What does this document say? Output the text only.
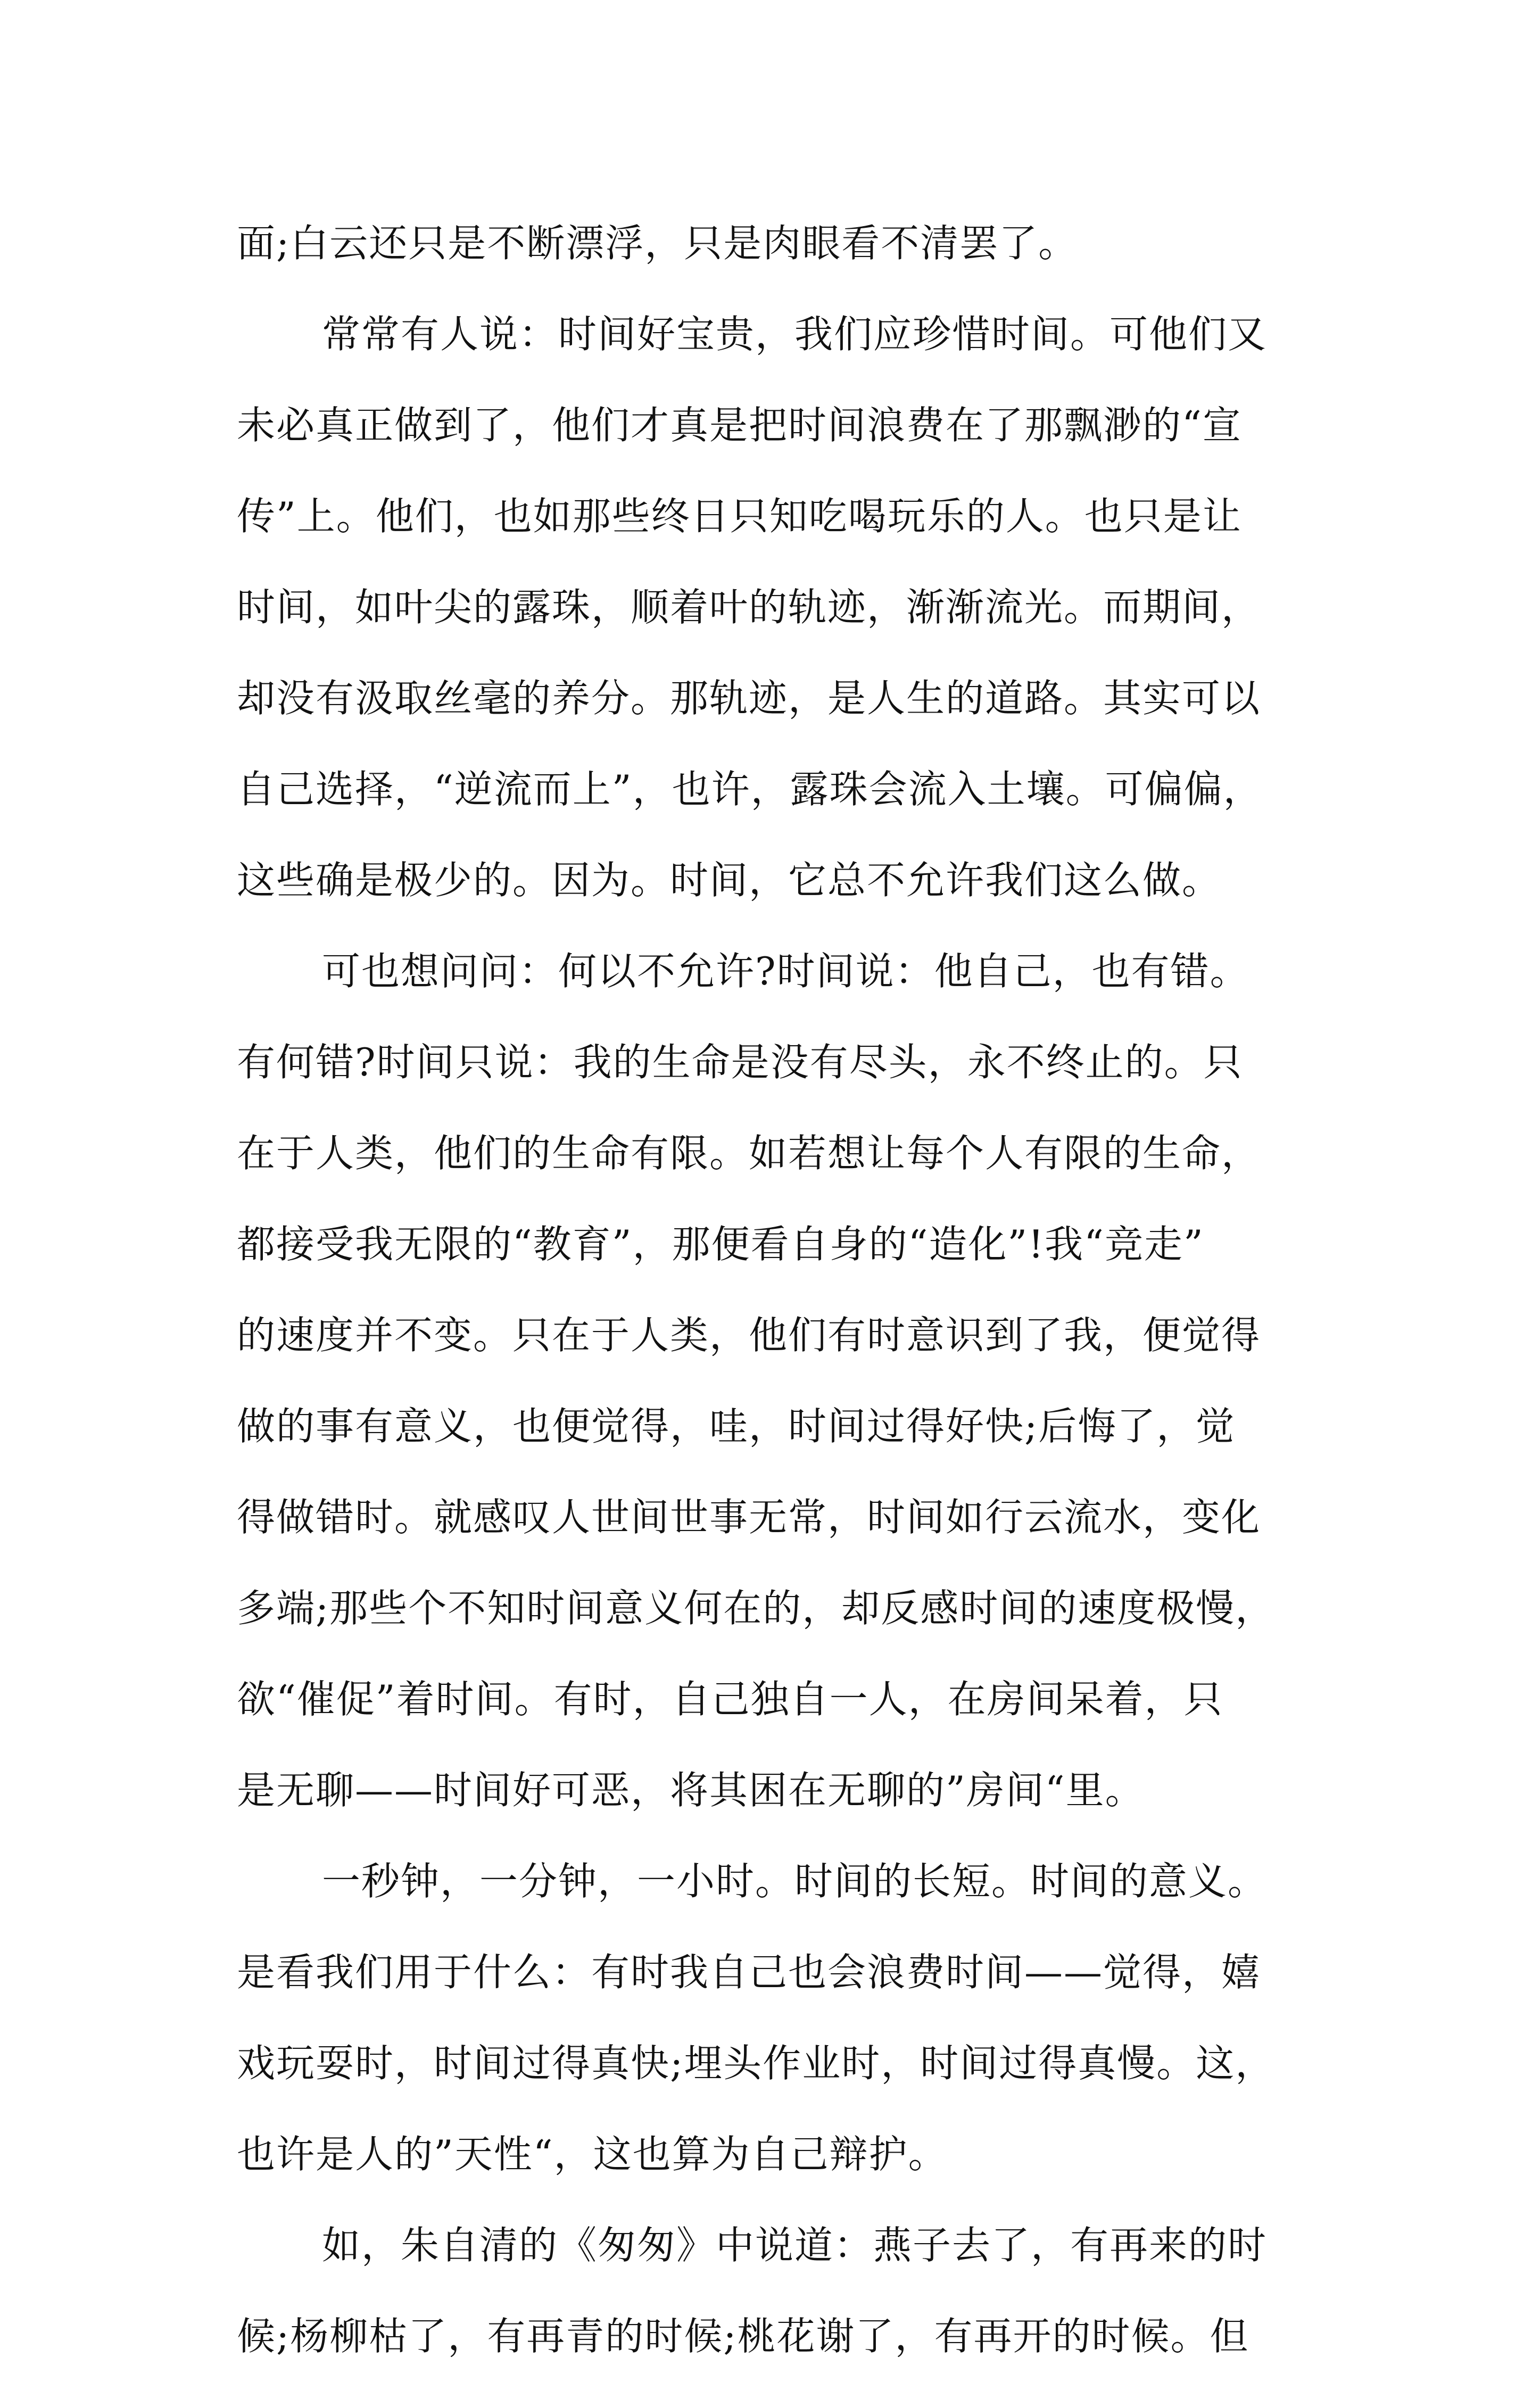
面;白云还只是不断漂浮，只是肉眼看不清罢了。
常常有人说：时间好宝贵，我们应珍惜时间。可他们又
未必真正做到了，他们才真是把时间浪费在了那飘渺的“宣
传”上。他们，也如那些终日只知吃喝玩乐的人。也只是让
时间，如叶尖的露珠，顺着叶的轨迹，渐渐流光。而期间，
却没有汲取丝毫的养分。那轨迹，是人生的道路。其实可以
自己选择，“逆流而上”，也许，露珠会流入土壤。可偏偏，
这些确是极少的。因为。时间，它总不允许我们这么做。
可也想问问：何以不允许?时间说：他自己，也有错。
有何错?时间只说：我的生命是没有尽头，永不终止的。只
在于人类，他们的生命有限。如若想让每个人有限的生命，
都接受我无限的“教育”，那便看自身的“造化”!我“竞走”
的速度并不变。只在于人类，他们有时意识到了我，便觉得
做的事有意义，也便觉得，哇，时间过得好快;后悔了，觉
得做错时。就感叹人世间世事无常，时间如行云流水，变化
多端;那些个不知时间意义何在的，却反感时间的速度极慢，
欲“催促”着时间。有时，自己独自一人，在房间呆着，只
是无聊——时间好可恶，将其困在无聊的”房间“里。
一秒钟，一分钟，一小时。时间的长短。时间的意义。
是看我们用于什么：有时我自己也会浪费时间——觉得，嬉
戏玩耍时，时间过得真快;埋头作业时，时间过得真慢。这，
也许是人的”天性“，这也算为自己辩护。
如，朱自清的《匆匆》中说道：燕子去了，有再来的时
候;杨柳枯了，有再青的时候;桃花谢了，有再开的时候。但
